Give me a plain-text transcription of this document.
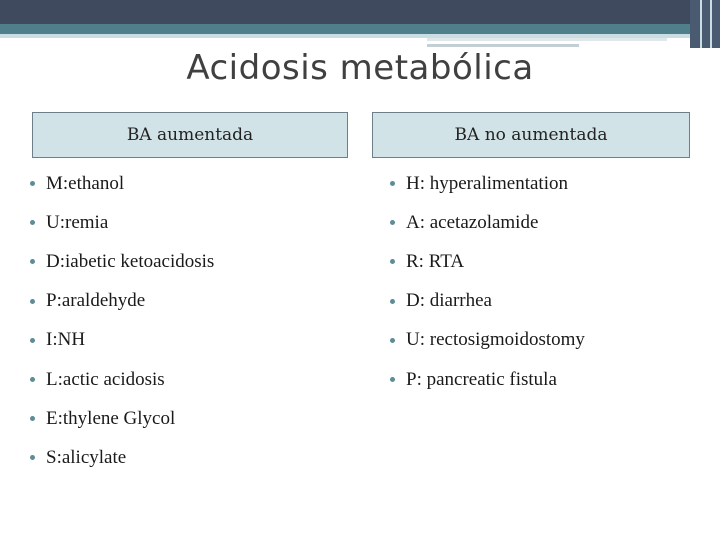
Acidosis metabólica
BA aumentada	BA no aumentada
M:ethanol
U:remia
D:iabetic ketoacidosis
P:araldehyde
I:NH
L:actic acidosis
E:thylene Glycol
S:alicylate
H: hyperalimentation
A: acetazolamide
R: RTA
D: diarrhea
U: rectosigmoidostomy
P: pancreatic fistula
